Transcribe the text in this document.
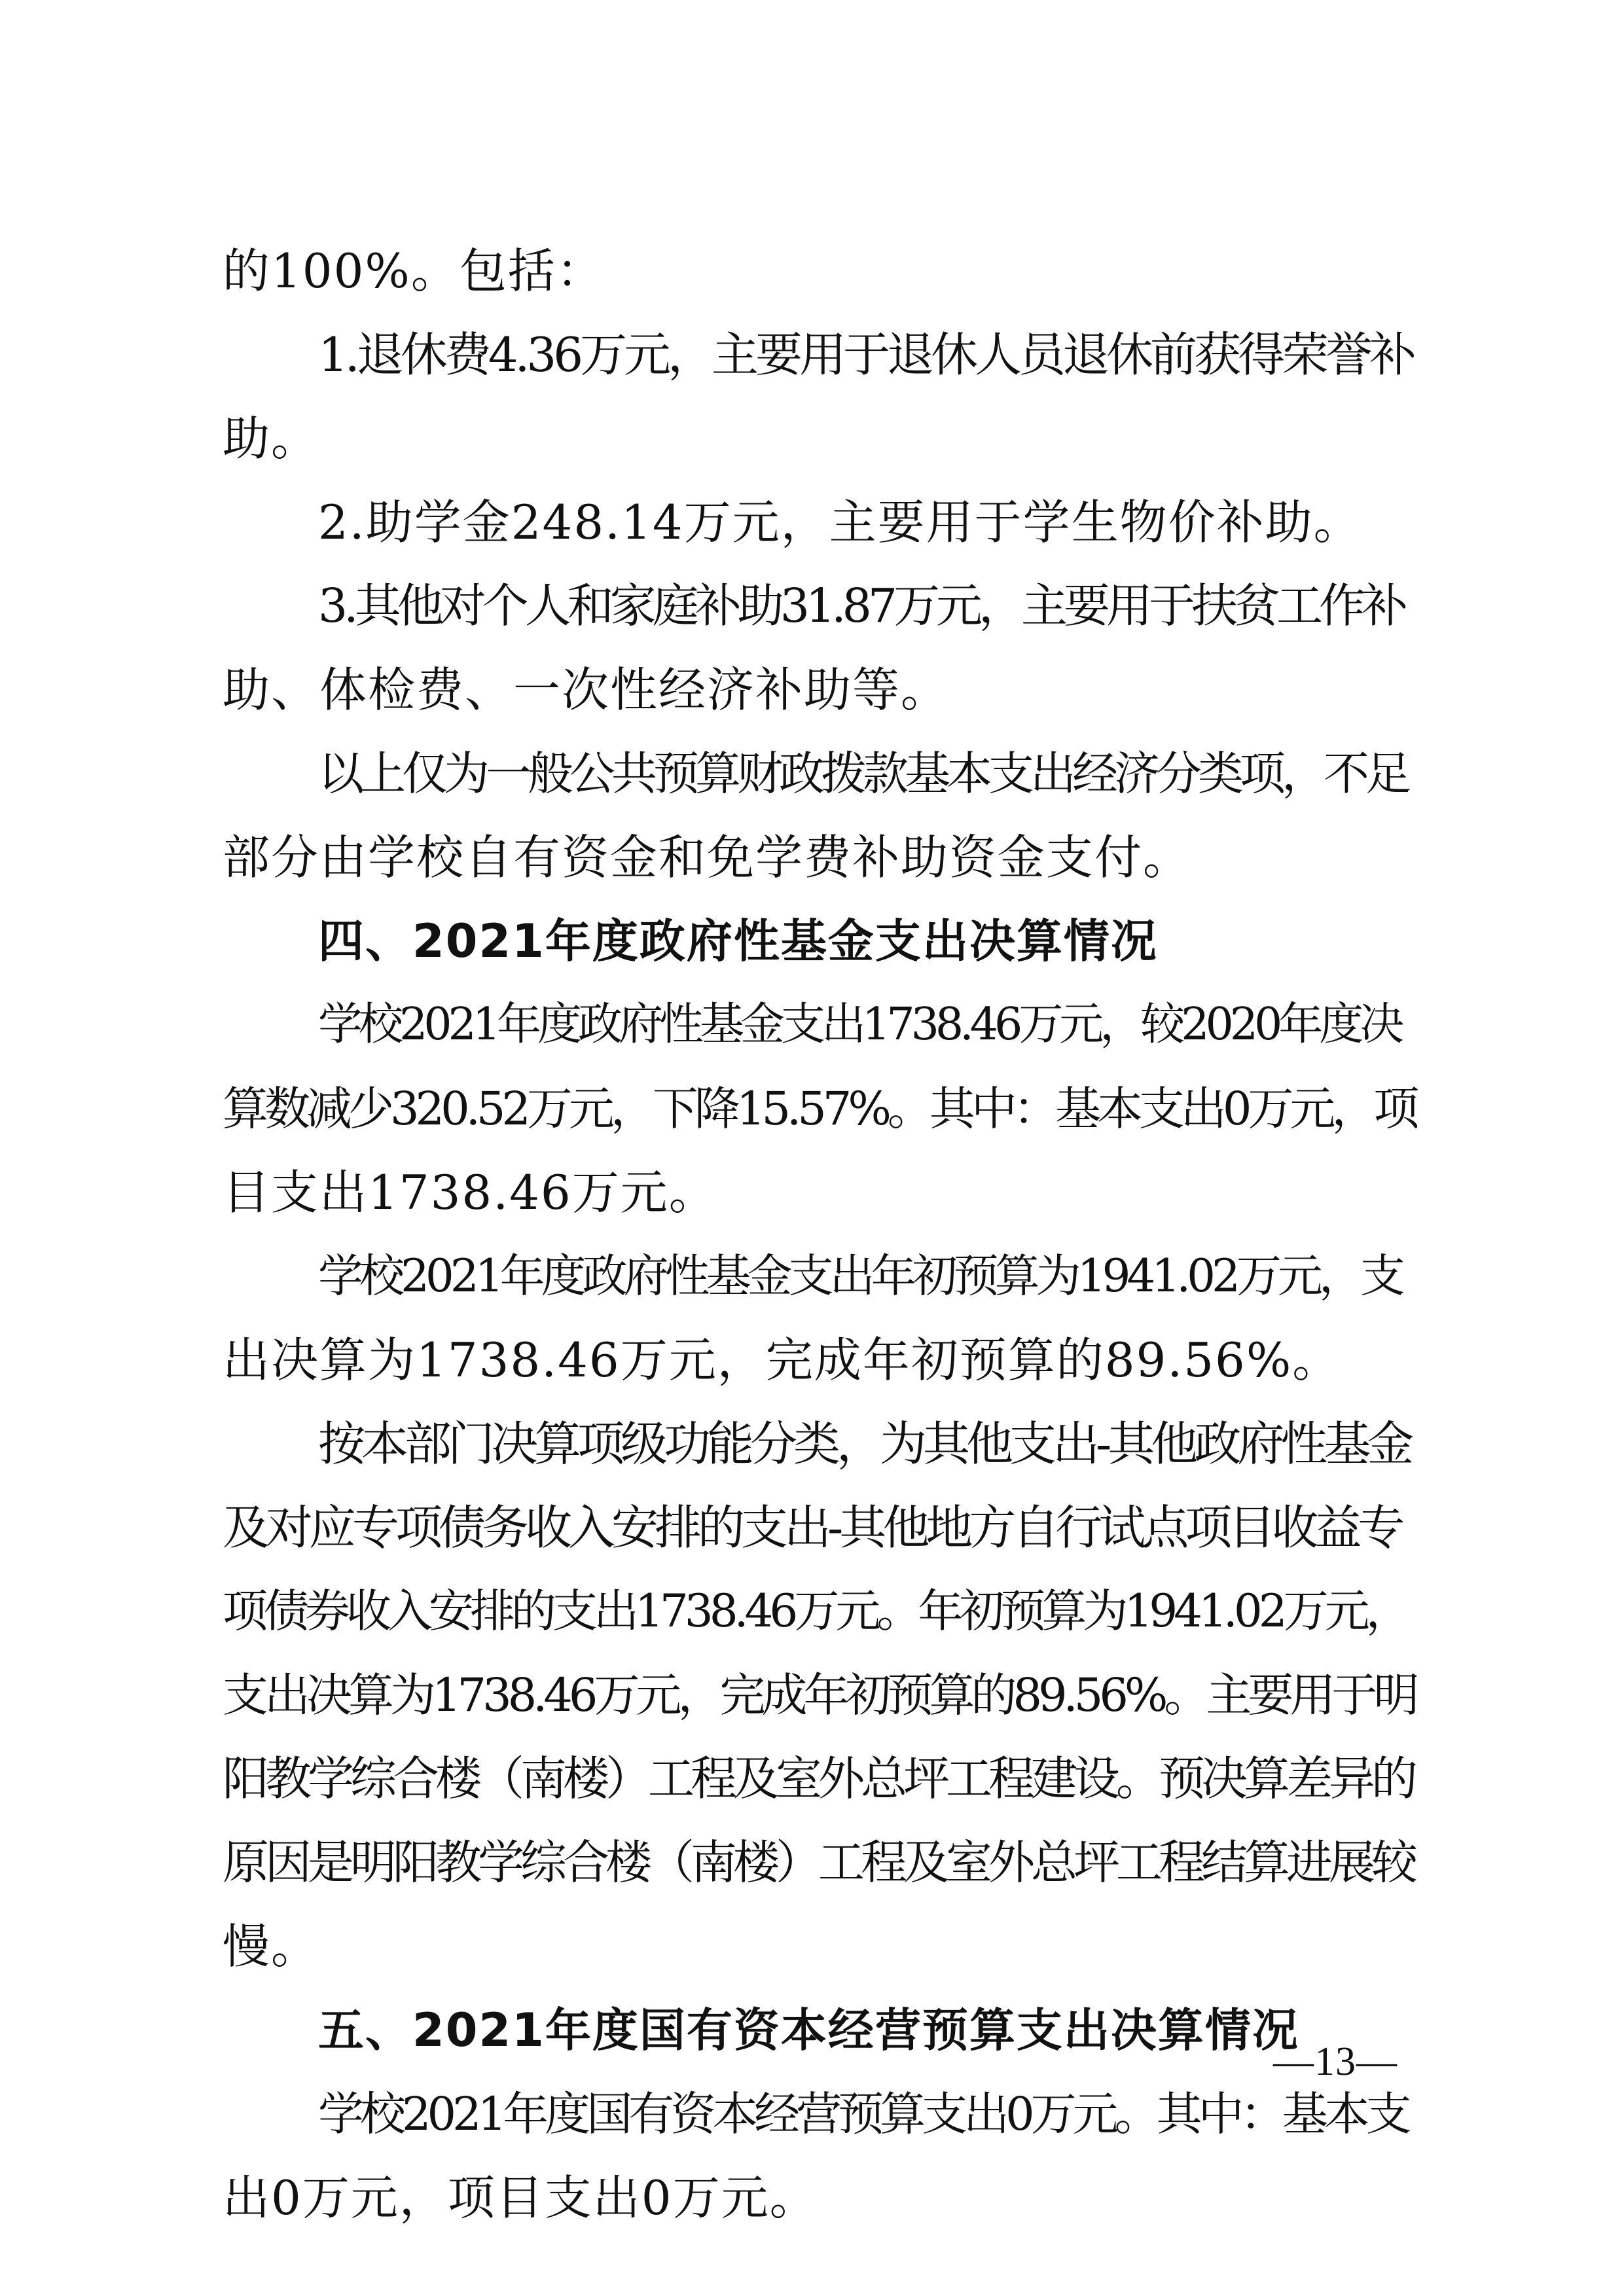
的100%。包括：
1.退休费4.36万元，主要用于退休人员退休前获得荣誉补
助。
2.助学金248.14万元，主要用于学生物价补助。
3.其他对个人和家庭补助31.87万元，主要用于扶贫工作补
助、体检费、一次性经济补助等。
以上仅为一般公共预算财政拨款基本支出经济分类项，不足
部分由学校自有资金和免学费补助资金支付。
四、2021年度政府性基金支出决算情况
学校2021年度政府性基金支出1738.46万元，较2020年度决
算数减少320.52万元，下降15.57%。其中：基本支出0万元，项
目支出1738.46万元。
学校2021年度政府性基金支出年初预算为1941.02万元，支
出决算为1738.46万元，完成年初预算的89.56%。
按本部门决算项级功能分类，为其他支出-其他政府性基金
及对应专项债务收入安排的支出-其他地方自行试点项目收益专
项债券收入安排的支出1738.46万元。年初预算为1941.02万元，
支出决算为1738.46万元，完成年初预算的89.56%。主要用于明
阳教学综合楼（南楼）工程及室外总坪工程建设。预决算差异的
原因是明阳教学综合楼（南楼）工程及室外总坪工程结算进展较
慢。
五、2021年度国有资本经营预算支出决算情况
学校2021年度国有资本经营预算支出0万元。其中：基本支
出0万元，项目支出0万元。
—13—
